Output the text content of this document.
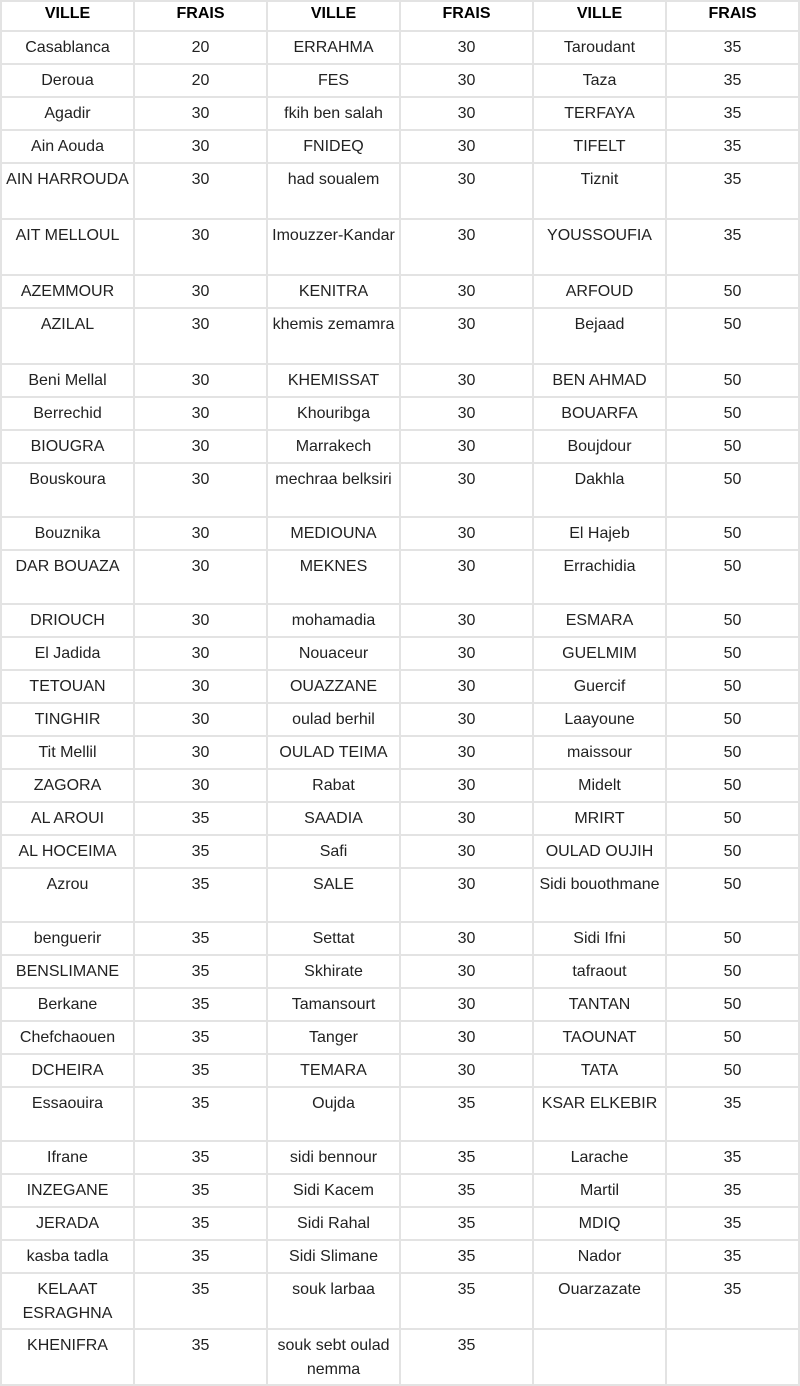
VILLE	FRAIS	VILLE	FRAIS	VILLE	FRAIS
Casablanca	20	ERRAHMA	30	Taroudant	35
Deroua	20	FES	30	Taza	35
Agadir	30	fkih ben salah	30	TERFAYA	35
Ain Aouda	30	FNIDEQ	30	TIFELT	35
AIN HARROUDA	30	had soualem	30	Tiznit	35
AIT MELLOUL	30	Imouzzer-Kandar	30	YOUSSOUFIA	35
AZEMMOUR	30	KENITRA	30	ARFOUD	50
AZILAL	30	khemis zemamra	30	Bejaad	50
Beni Mellal	30	KHEMISSAT	30	BEN AHMAD	50
Berrechid	30	Khouribga	30	BOUARFA	50
BIOUGRA	30	Marrakech	30	Boujdour	50
Bouskoura	30	mechraa belksiri	30	Dakhla	50
Bouznika	30	MEDIOUNA	30	El Hajeb	50
DAR BOUAZA	30	MEKNES	30	Errachidia	50
DRIOUCH	30	mohamadia	30	ESMARA	50
El Jadida	30	Nouaceur	30	GUELMIM	50
TETOUAN	30	OUAZZANE	30	Guercif	50
TINGHIR	30	oulad berhil	30	Laayoune	50
Tit Mellil	30	OULAD TEIMA	30	maissour	50
ZAGORA	30	Rabat	30	Midelt	50
AL AROUI	35	SAADIA	30	MRIRT	50
AL HOCEIMA	35	Safi	30	OULAD OUJIH	50
Azrou	35	SALE	30	Sidi bouothmane	50
benguerir	35	Settat	30	Sidi Ifni	50
BENSLIMANE	35	Skhirate	30	tafraout	50
Berkane	35	Tamansourt	30	TANTAN	50
Chefchaouen	35	Tanger	30	TAOUNAT	50
DCHEIRA	35	TEMARA	30	TATA	50
Essaouira	35	Oujda	35	KSAR ELKEBIR	35
Ifrane	35	sidi bennour	35	Larache	35
INZEGANE	35	Sidi Kacem	35	Martil	35
JERADA	35	Sidi Rahal	35	MDIQ	35
kasba tadla	35	Sidi Slimane	35	Nador	35
KELAAT ESRAGHNA	35	souk larbaa	35	Ouarzazate	35
KHENIFRA	35	souk sebt oulad nemma	35		
